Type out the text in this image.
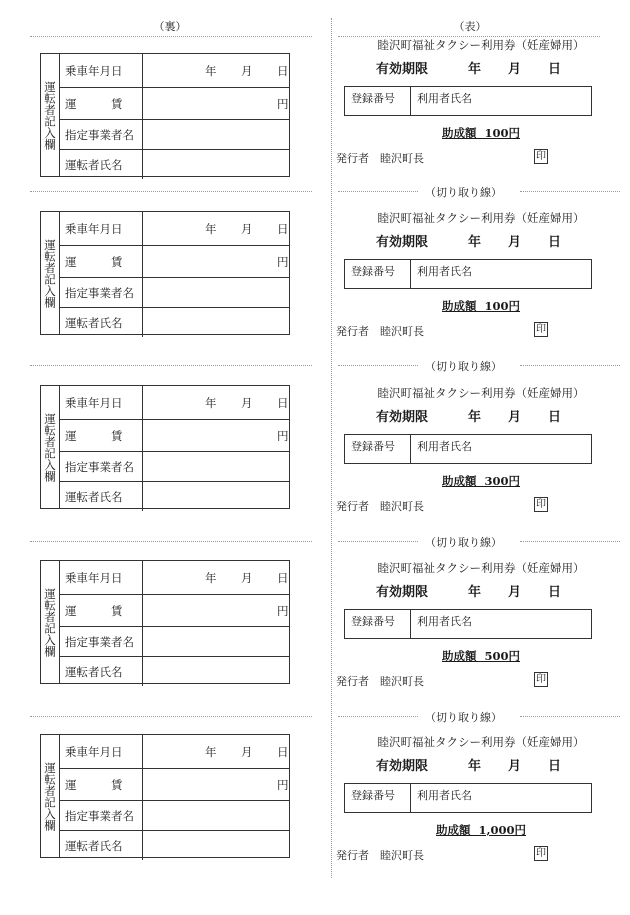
（裏）	（表）
運転者記入欄
乗車年月日	年 月 日
運　　　賃	円
指定事業者名
運転者氏名
睦沢町福祉タクシー利用券（妊産婦用）
有効期限	年 月 日
登録番号	利用者氏名
助成額 100円
発行者　睦沢町長	印
運転者記入欄
乗車年月日	年 月 日
運　　　賃	円
指定事業者名
運転者氏名
（切り取り線）
睦沢町福祉タクシー利用券（妊産婦用）
有効期限	年 月 日
登録番号	利用者氏名
助成額 100円
発行者　睦沢町長	印
運転者記入欄
乗車年月日	年 月 日
運　　　賃	円
指定事業者名
運転者氏名
（切り取り線）
睦沢町福祉タクシー利用券（妊産婦用）
有効期限	年 月 日
登録番号	利用者氏名
助成額 300円
発行者　睦沢町長	印
運転者記入欄
乗車年月日	年 月 日
運　　　賃	円
指定事業者名
運転者氏名
（切り取り線）
睦沢町福祉タクシー利用券（妊産婦用）
有効期限	年 月 日
登録番号	利用者氏名
助成額 500円
発行者　睦沢町長	印
運転者記入欄
乗車年月日	年 月 日
運　　　賃	円
指定事業者名
運転者氏名
（切り取り線）
睦沢町福祉タクシー利用券（妊産婦用）
有効期限	年 月 日
登録番号	利用者氏名
助成額 1,000円
発行者　睦沢町長	印
